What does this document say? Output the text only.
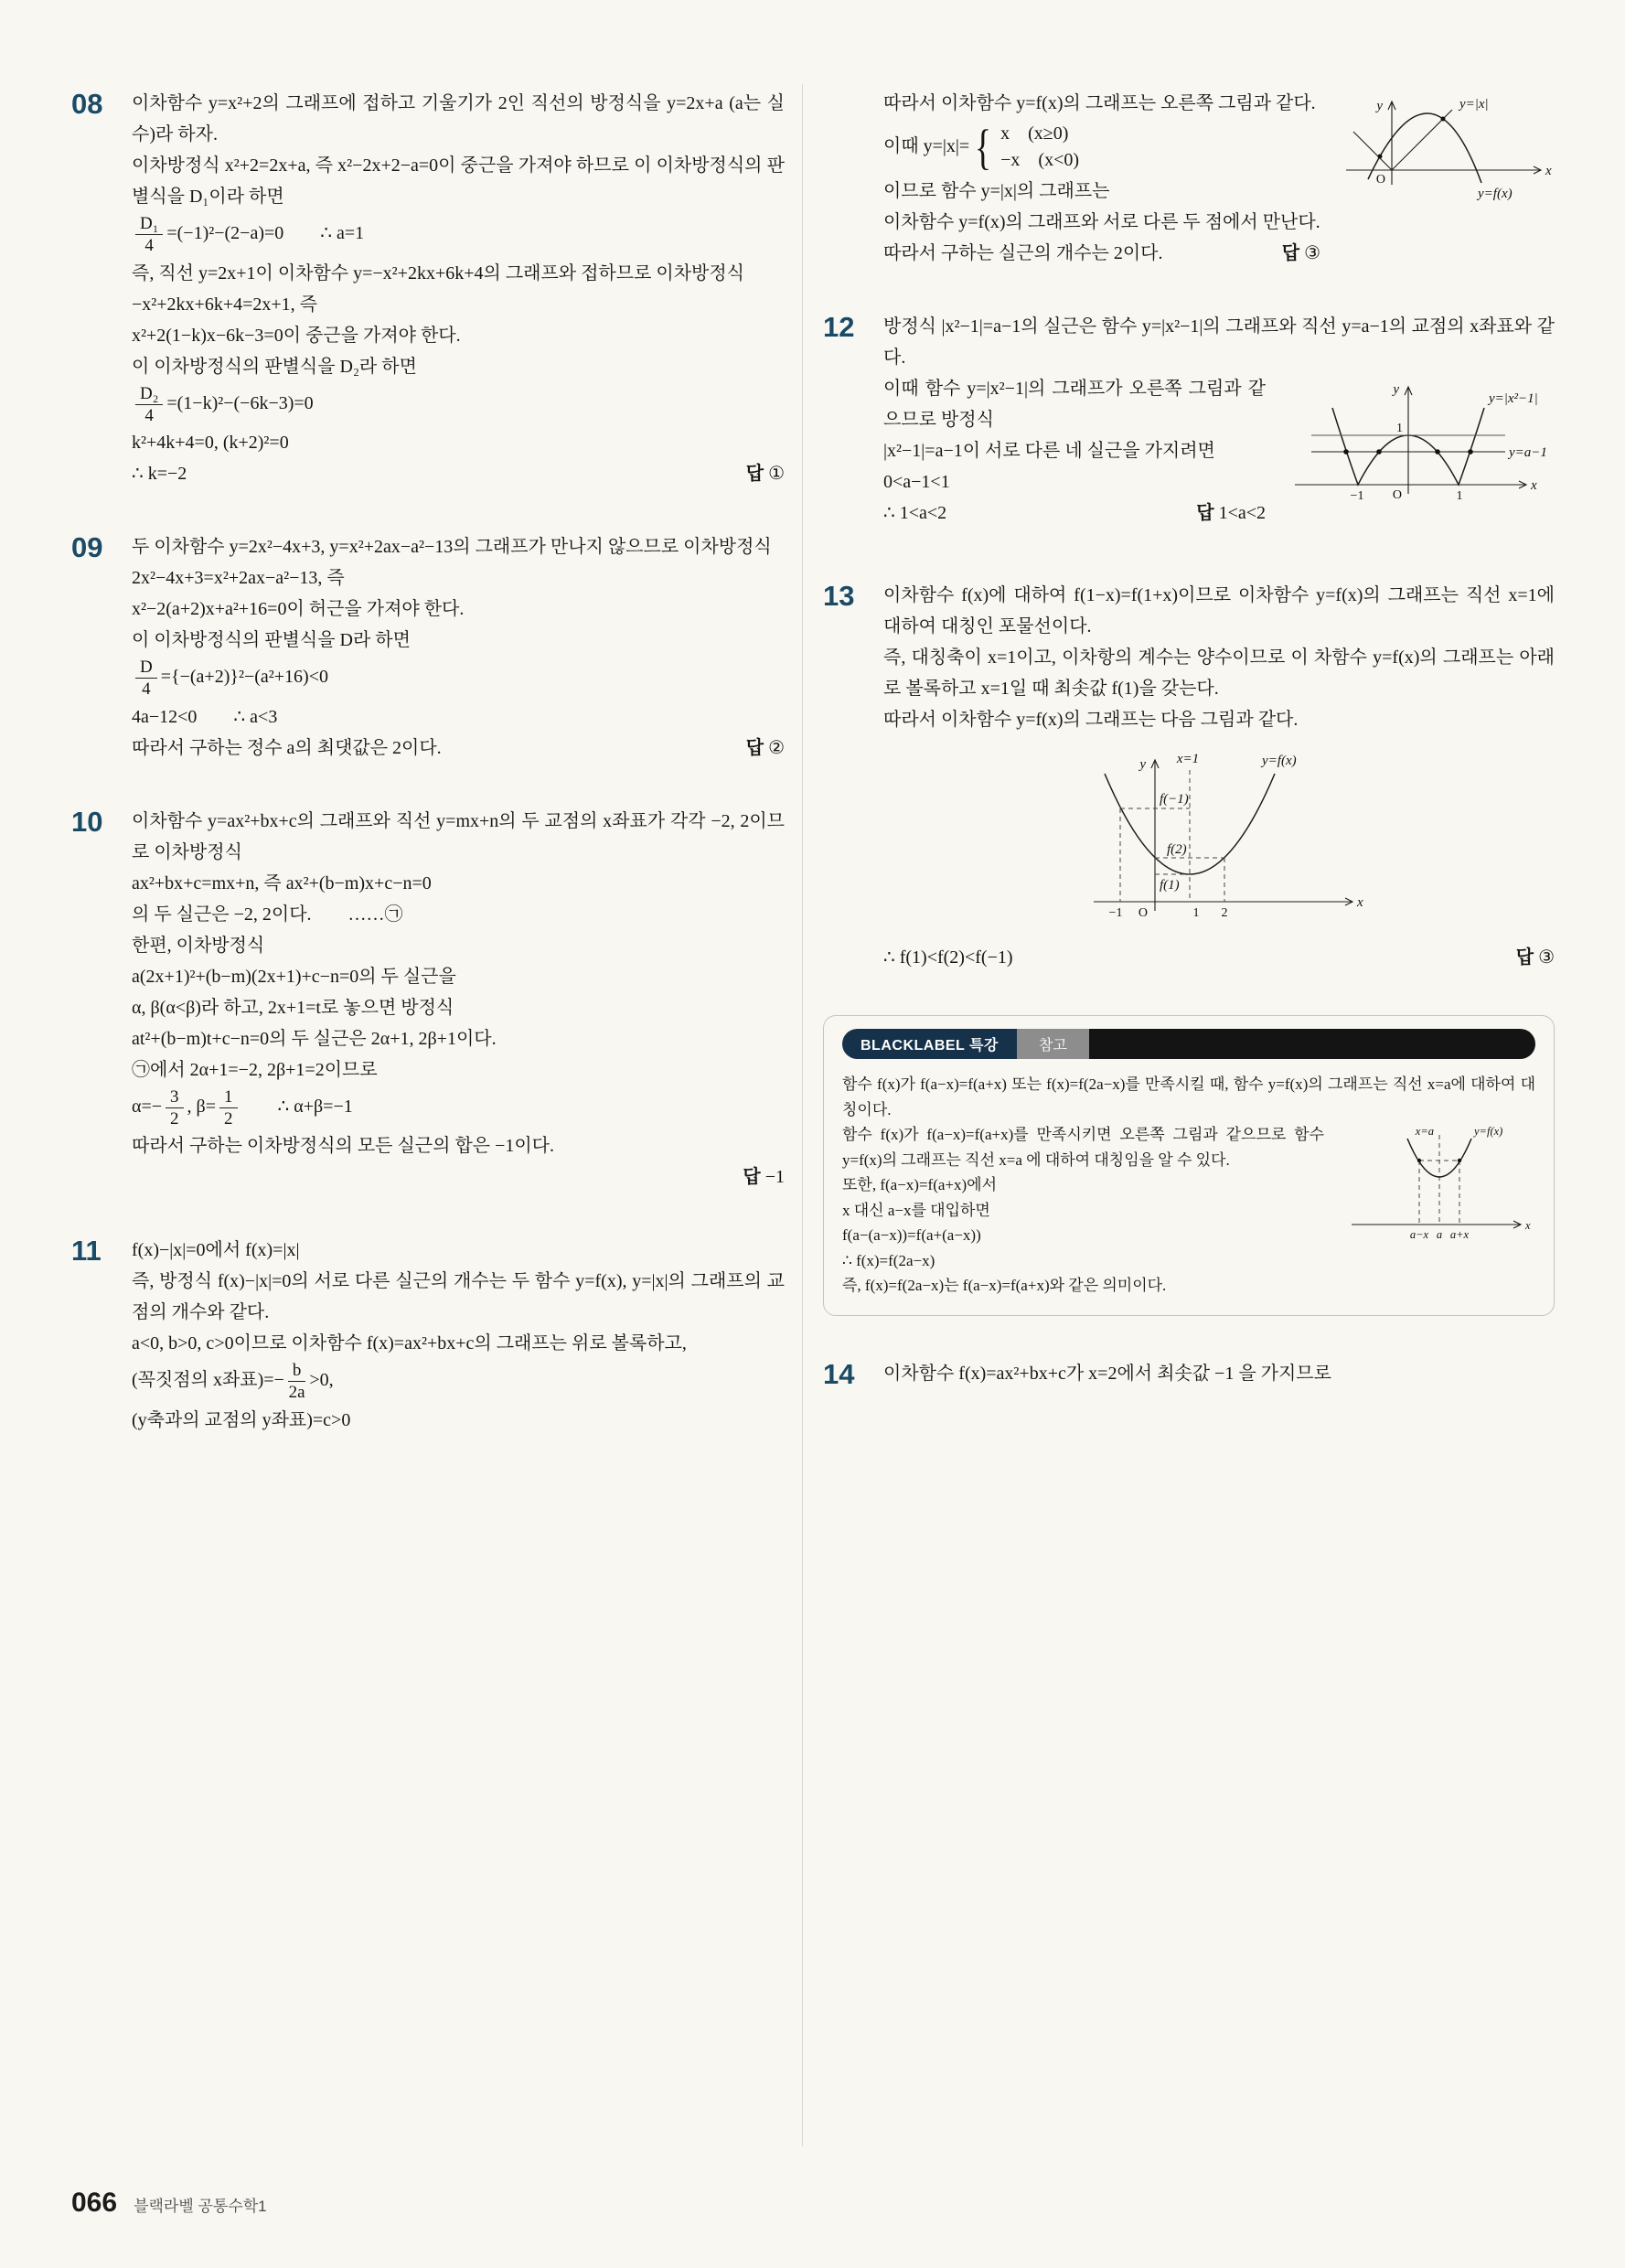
08	이차함수 y=x²+2의 그래프에 접하고 기울기가 2인 직선의 방정식을 y=2x+a (a는 실수)라 하자.
이차방정식 x²+2=2x+a, 즉 x²−2x+2−a=0이 중근을 가져야 하므로 이 이차방정식의 판별식을 D₁이라 하면
$\frac{\text{D₁}}{4} =(-1)^2-(2-a)=0$  ∴ a=1
즉, 직선 y=2x+1이 이차함수 y=−x²+2kx+6k+4의 그래프와 접하므로 이차방정식
−x²+2kx+6k+4=2x+1, 즉
x²+2(1−k)x−6k−3=0이 중근을 가져야 한다.
이 이차방정식의 판별식을 D₂라 하면
$\frac{\text{D₂}}{4} =(1-k)^2-(-6k-3)=0$
k²+4k+4=0, (k+2)²=0
∴ k=−2	답 ①
09	두 이차함수 y=2x²−4x+3, y=x²+2ax−a²−13의 그래프가 만나지 않으므로 이차방정식
2x²−4x+3=x²+2ax−a²−13, 즉
x²−2(a+2)x+a²+16=0이 허근을 가져야 한다.
이 이차방정식의 판별식을 D라 하면
$\frac{D}{4} =\{-(a+2)\}^2-(a^2+16)<0$
4a−12<0  ∴ a<3
따라서 구하는 정수 a의 최댓값은 2이다.	답 ②
10	이차함수 y=ax²+bx+c의 그래프와 직선 y=mx+n의 두 교점의 x좌표가 각각 −2, 2이므로 이차방정식
ax²+bx+c=mx+n, 즉 ax²+(b−m)x+c−n=0
의 두 실근은 −2, 2이다.  ……㉠
한편, 이차방정식
a(2x+1)²+(b−m)(2x+1)+c−n=0의 두 실근을
α, β(α<β)라 하고, 2x+1=t로 놓으면 방정식
at²+(b−m)t+c−n=0의 두 실근은 2α+1, 2β+1이다.
㉠에서 2α+1=−2, 2β+1=2이므로
$\alpha=- \frac{3}{2}$ , $\beta= \frac{1}{2}$   ∴ α+β=−1
따라서 구하는 이차방정식의 모든 실근의 합은 −1이다.
답 −1
11	f(x)−|x|=0에서 f(x)=|x|
즉, 방정식 f(x)−|x|=0의 서로 다른 실근의 개수는 두 함수 y=f(x), y=|x|의 그래프의 교점의 개수와 같다.
a<0, b>0, c>0이므로 이차함수 f(x)=ax²+bx+c의 그래프는 위로 볼록하고,
(꼭짓점의 x좌표)=− $\frac{b}{2a} >0$,
(y축과의 교점의 y좌표)=c>0
y
x
O
y=|x|
y=f(x)
따라서 이차함수 y=f(x)의 그래프는 오른쪽 그림과 같다.
이때 y=|x|= { x (x≥0)
−x (x<0)
이므로 함수 y=|x|의 그래프는
이차함수 y=f(x)의 그래프와 서로 다른 두 점에서 만난다.
따라서 구하는 실근의 개수는 2이다.	답 ③
12	방정식 |x²−1|=a−1의 실근은 함수 y=|x²−1|의 그래프와 직선 y=a−1의 교점의 x좌표와 같다.
y
x
O
1
−1	1
y=|x²−1|
y=a−1
이때 함수 y=|x²−1|의 그래프가 오른쪽 그림과 같으므로 방정식
|x²−1|=a−1이 서로 다른 네 실근을 가지려면
0<a−1<1
∴ 1<a<2	답 1<a<2
13	이차함수 f(x)에 대하여 f(1−x)=f(1+x)이므로 이차함수 y=f(x)의 그래프는 직선 x=1에 대하여 대칭인 포물선이다.
즉, 대칭축이 x=1이고, 이차항의 계수는 양수이므로 이 차함수 y=f(x)의 그래프는 아래로 볼록하고 x=1일 때 최솟값 f(1)을 갖는다.
따라서 이차함수 y=f(x)의 그래프는 다음 그림과 같다.
y
x
x=1	y=f(x)
f(−1)
f(2)
f(1)
−1 O	1 2
∴ f(1)<f(2)<f(−1)	답 ③
BLACKLABEL 특강	참고
함수 f(x)가 f(a−x)=f(a+x) 또는 f(x)=f(2a−x)를 만족시킬 때, 함수 y=f(x)의 그래프는 직선 x=a에 대하여 대칭이다.
x=a	y=f(x)
a−x a a+x
x
함수 f(x)가 f(a−x)=f(a+x)를 만족시키면 오른쪽 그림과 같으므로 함수 y=f(x)의 그래프는 직선 x=a 에 대하여 대칭임을 알 수 있다.
또한, f(a−x)=f(a+x)에서
x 대신 a−x를 대입하면
f(a−(a−x))=f(a+(a−x))
∴ f(x)=f(2a−x)
즉, f(x)=f(2a−x)는 f(a−x)=f(a+x)와 같은 의미이다.
14	이차함수 f(x)=ax²+bx+c가 x=2에서 최솟값 −1 을 가지므로
066 블랙라벨 공통수학1
